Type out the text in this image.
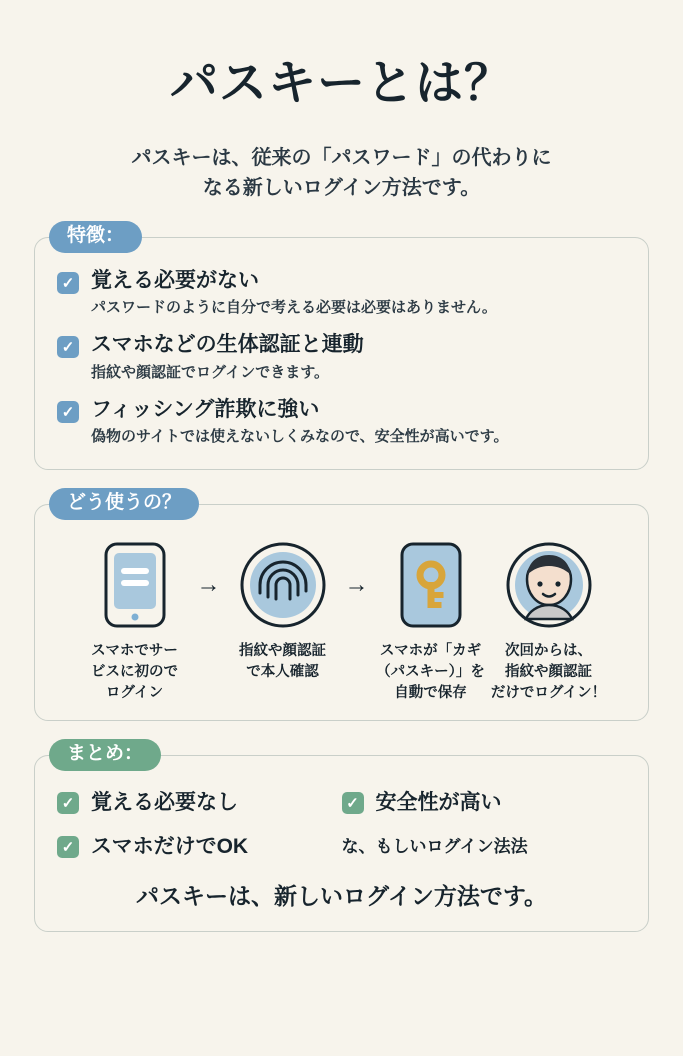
パスキーとは？
パスキーは、従来の「パスワード」の代わりに
なる新しいログイン方法です。
特徴：
✓ 覚える必要がない
パスワードのように自分で考える必要は必要はありません。
✓ スマホなどの生体認証と連動
指紋や顔認証でログインできます。
✓ フィッシング詐欺に強い
偽物のサイトでは使えないしくみなので、安全性が高いです。
どう使うの？
スマホでサー
ビスに初ので
ログイン
→
指紋や顔認証
で本人確認
→
スマホが「カギ
（パスキー）」を
自動で保存
次回からは、
指紋や顔認証
だけでログイン！
まとめ：
✓ 覚える必要なし	✓ 安全性が高い
✓ スマホだけでOK	な、もしいログイン法法
パスキーは、新しいログイン方法です。
